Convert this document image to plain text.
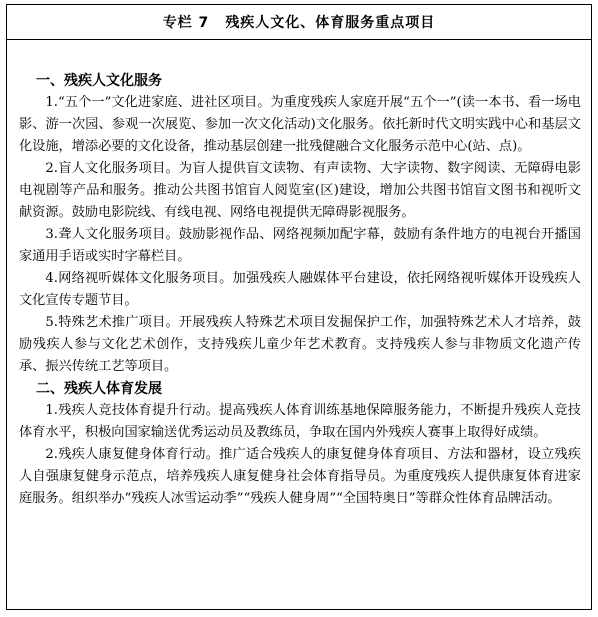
专栏 7 残疾人文化、体育服务重点项目
一、残疾人文化服务

1.“五个一”文化进家庭、进社区项目。为重度残疾人家庭开展“五个一”(读一本书、看一场电影、游一次园、参观一次展览、参加一次文化活动)文化服务。依托新时代文明实践中心和基层文化设施，增添必要的文化设备，推动基层创建一批残健融合文化服务示范中心(站、点)。

2.盲人文化服务项目。为盲人提供盲文读物、有声读物、大字读物、数字阅读、无障碍电影电视剧等产品和服务。推动公共图书馆盲人阅览室(区)建设，增加公共图书馆盲文图书和视听文献资源。鼓励电影院线、有线电视、网络电视提供无障碍影视服务。

3.聋人文化服务项目。鼓励影视作品、网络视频加配字幕，鼓励有条件地方的电视台开播国家通用手语或实时字幕栏目。

4.网络视听媒体文化服务项目。加强残疾人融媒体平台建设，依托网络视听媒体开设残疾人文化宣传专题节目。

5.特殊艺术推广项目。开展残疾人特殊艺术项目发掘保护工作，加强特殊艺术人才培养，鼓励残疾人参与文化艺术创作，支持残疾儿童少年艺术教育。支持残疾人参与非物质文化遗产传承、振兴传统工艺等项目。

二、残疾人体育发展

1.残疾人竞技体育提升行动。提高残疾人体育训练基地保障服务能力，不断提升残疾人竞技体育水平，积极向国家输送优秀运动员及教练员，争取在国内外残疾人赛事上取得好成绩。

2.残疾人康复健身体育行动。推广适合残疾人的康复健身体育项目、方法和器材，设立残疾人自强康复健身示范点，培养残疾人康复健身社会体育指导员。为重度残疾人提供康复体育进家庭服务。组织举办“残疾人冰雪运动季”“残疾人健身周”“全国特奥日”等群众性体育品牌活动。
